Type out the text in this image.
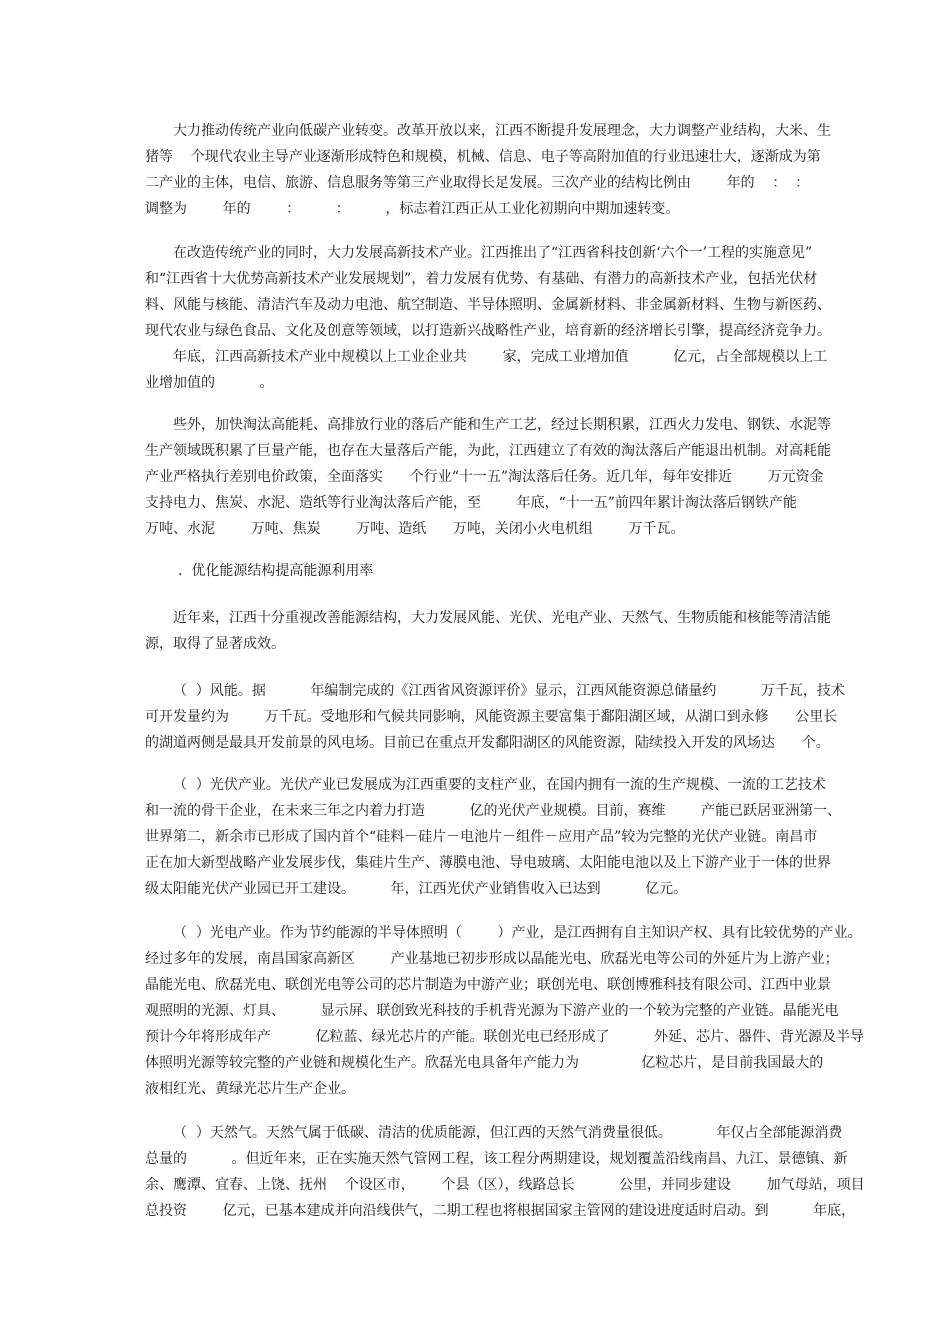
大力推动传统产业向低碳产业转变。改革开放以来，江西不断提升发展理念，大力调整产业结构，大米、生

猪等    个现代农业主导产业逐渐形成特色和规模，机械、信息、电子等高附加值的行业迅速壮大，逐渐成为第

二产业的主体，电信、旅游、信息服务等第三产业取得长足发展。三次产业的结构比例由        年的    ：  ：

调整为        年的        ：        ：        ，标志着江西正从工业化初期向中期加速转变。

在改造传统产业的同时，大力发展高新技术产业。江西推出了“江西省科技创新‘六个一’工程的实施意见”

和“江西省十大优势高新技术产业发展规划”，着力发展有优势、有基础、有潜力的高新技术产业，包括光伏材

料、风能与核能、清洁汽车及动力电池、航空制造、半导体照明、金属新材料、非金属新材料、生物与新医药、

现代农业与绿色食品、文化及创意等领域，以打造新兴战略性产业，培育新的经济增长引擎，提高经济竞争力。

年底，江西高新技术产业中规模以上工业企业共        家，完成工业增加值          亿元，占全部规模以上工

业增加值的          。

些外，加快淘汰高能耗、高排放行业的落后产能和生产工艺，经过长期积累，江西火力发电、钢铁、水泥等

生产领域既积累了巨量产能，也存在大量落后产能，为此，江西建立了有效的淘汰落后产能退出机制。对高耗能

产业严格执行差别电价政策，全面落实      个行业“十一五”淘汰落后任务。近几年，每年安排近        万元资金

支持电力、焦炭、水泥、造纸等行业淘汰落后产能，至        年底，“十一五”前四年累计淘汰落后钢铁产能

万吨、水泥        万吨、焦炭        万吨、造纸      万吨，关闭小火电机组        万千瓦。

.  优化能源结构提高能源利用率

近年来，江西十分重视改善能源结构，大力发展风能、光伏、光电产业、天然气、生物质能和核能等清洁能

源，取得了显著成效。

（  ）风能。据          年编制完成的《江西省风资源评价》显示，江西风能资源总储量约          万千瓦，技术

可开发量约为        万千瓦。受地形和气候共同影响，风能资源主要富集于鄱阳湖区域，从湖口到永修      公里长

的湖道两侧是最具开发前景的风电场。目前已在重点开发鄱阳湖区的风能资源，陆续投入开发的风场达      个。

（  ）光伏产业。光伏产业已发展成为江西重要的支柱产业，在国内拥有一流的生产规模、一流的工艺技术

和一流的骨干企业，在未来三年之内着力打造          亿的光伏产业规模。目前，赛维        产能已跃居亚洲第一、

世界第二，新余市已形成了国内首个“硅料－硅片－电池片－组件－应用产品”较为完整的光伏产业链。南昌市

正在加大新型战略产业发展步伐，集硅片生产、薄膜电池、导电玻璃、太阳能电池以及上下游产业于一体的世界

级太阳能光伏产业园已开工建设。        年，江西光伏产业销售收入已达到          亿元。

（  ）光电产业。作为节约能源的半导体照明（        ）产业，是江西拥有自主知识产权、具有比较优势的产业。

经过多年的发展，南昌国家高新区        产业基地已初步形成以晶能光电、欣磊光电等公司的外延片为上游产业；

晶能光电、欣磊光电、联创光电等公司的芯片制造为中游产业；联创光电、联创博雅科技有限公司、江西中业景

观照明的光源、灯具、        显示屏、联创致光科技的手机背光源为下游产业的一个较为完整的产业链。晶能光电

预计今年将形成年产          亿粒蓝、绿光芯片的产能。联创光电已经形成了          外延、芯片、器件、背光源及半导

体照明光源等较完整的产业链和规模化生产。欣磊光电具备年产能力为              亿粒芯片，是目前我国最大的

液相红光、黄绿光芯片生产企业。

（  ）天然气。天然气属于低碳、清洁的优质能源，但江西的天然气消费量很低。          年仅占全部能源消费

总量的          。但近年来，正在实施天然气管网工程，该工程分两期建设，规划覆盖沿线南昌、九江、景德镇、新

余、鹰潭、宜春、上饶、抚州    个设区市，      个县（区），线路总长          公里，并同步建设        加气母站，项目

总投资        亿元，已基本建成并向沿线供气，二期工程也将根据国家主管网的建设进度适时启动。到          年底，
